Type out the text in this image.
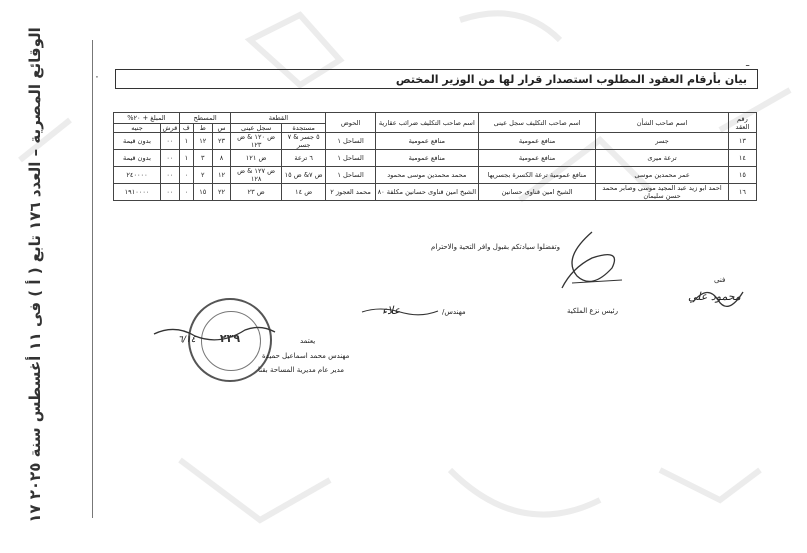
الوقائع المصرية – العدد ١٧٦ تابع ( أ ) فى ١١ أغسطس سنة ٢٠٢٥ ١٧	٠
ـ
بيان بأرقام العقود المطلوب استصدار قرار لها من الوزير المختص
رقم العقد	اسم صاحب الشأن	اسم صاحب التكليف سجل عينى	اسم صاحب التكليف ضرائب عقارية	الحوض	القطعة		المسطح			المبلغ + ٢٠%	
					مستجدة	سجل عينى	س	ط	ف	قرش	جنيه
١٣	جسر	منافع عمومية	منافع عمومية	الساحل ١	٥ جسر & ٧ جسر	ض ١٢٠ & ض ١٢٣	٢٣	١٢	١	٠٠	بدون قيمة
١٤	ترعة ميرى	منافع عمومية	منافع عمومية	الساحل ١	٦ ترعة	ض ١٢١	٨	٣	١	٠٠	بدون قيمة
١٥	عمر محمدين موسى	منافع عمومية ترعة الكسرة بجسريها	محمد محمدين موسى محمود	الساحل ١	ض ٧& ض ١٥	ض ١٢٧ & ض ١٢٨	١٢	٢	٠	٠٠	٢٤٠٠٠٠
١٦	احمد ابو زيد عبد المجيد موسى وصابر محمد حسن سليمان	الشيخ امين قناوى حسانين	الشيخ امين قناوى حسانين مكلفة ٨٠	محمد العجوز ٢	ض ١٤	ض ٢٣	٢٢	١٥	٠	٠٠	١٩١٠٠٠٠
وتفضلوا سيادتكم بقبول وافر التحية والاحترام
فنى
محمود علي
رئيس نزع الملكية
مهندس/
علاء
٢٣٩
٦/١٤	يعتمد
مهندس محمد اسماعيل حميدة
مدير عام مديرية المساحة بقنا
